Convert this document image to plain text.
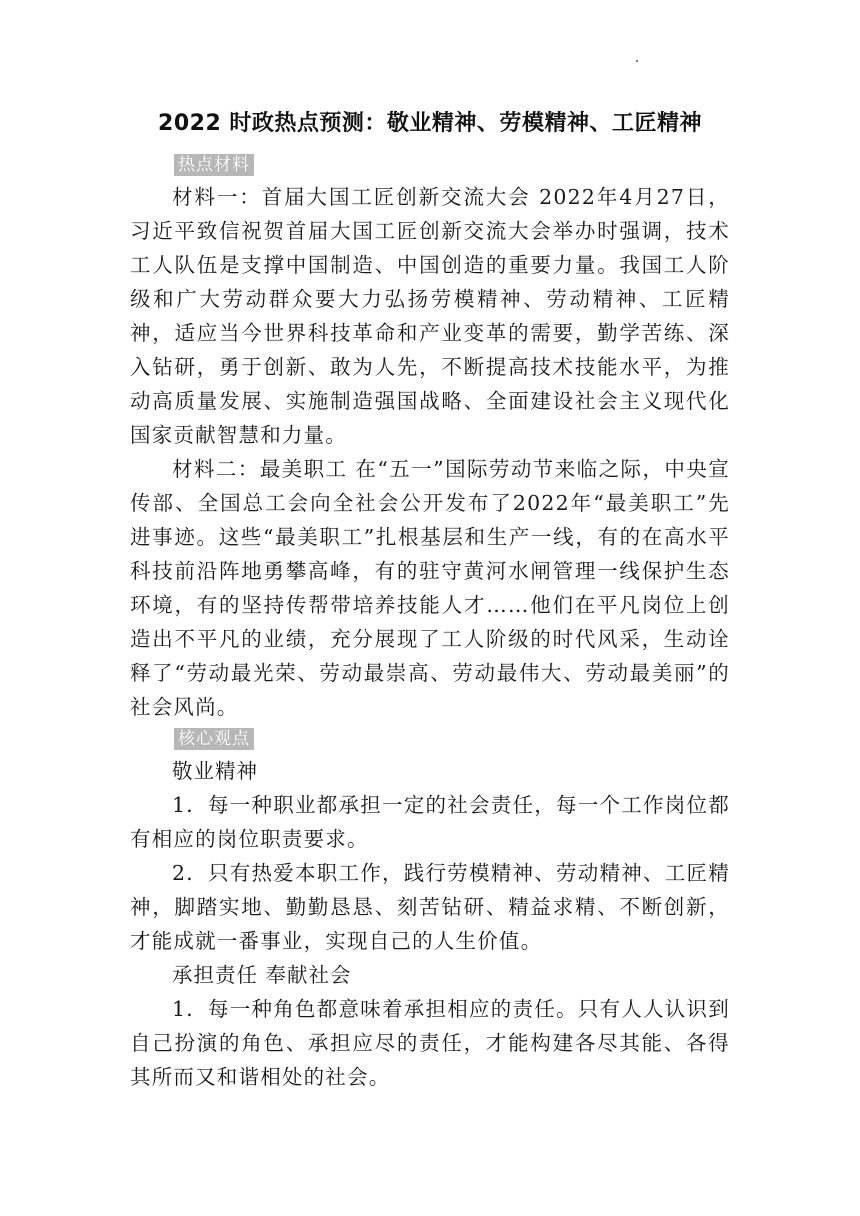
2022 时政热点预测：敬业精神、劳模精神、工匠精神
热点材料

材料一：首届大国工匠创新交流大会 2022年4月27日，习近平致信祝贺首届大国工匠创新交流大会举办时强调，技术工人队伍是支撑中国制造、中国创造的重要力量。我国工人阶级和广大劳动群众要大力弘扬劳模精神、劳动精神、工匠精神，适应当今世界科技革命和产业变革的需要，勤学苦练、深入钻研，勇于创新、敢为人先，不断提高技术技能水平，为推动高质量发展、实施制造强国战略、全面建设社会主义现代化国家贡献智慧和力量。

材料二：最美职工 在“五一”国际劳动节来临之际，中央宣传部、全国总工会向全社会公开发布了2022年“最美职工”先进事迹。这些“最美职工”扎根基层和生产一线，有的在高水平科技前沿阵地勇攀高峰，有的驻守黄河水闸管理一线保护生态环境，有的坚持传帮带培养技能人才……他们在平凡岗位上创造出不平凡的业绩，充分展现了工人阶级的时代风采，生动诠释了“劳动最光荣、劳动最崇高、劳动最伟大、劳动最美丽”的社会风尚。

核心观点
敬业精神

1．每一种职业都承担一定的社会责任，每一个工作岗位都有相应的岗位职责要求。

2．只有热爱本职工作，践行劳模精神、劳动精神、工匠精神，脚踏实地、勤勤恳恳、刻苦钻研、精益求精、不断创新，才能成就一番事业，实现自己的人生价值。

承担责任 奉献社会

1．每一种角色都意味着承担相应的责任。只有人人认识到自己扮演的角色、承担应尽的责任，才能构建各尽其能、各得其所而又和谐相处的社会。
